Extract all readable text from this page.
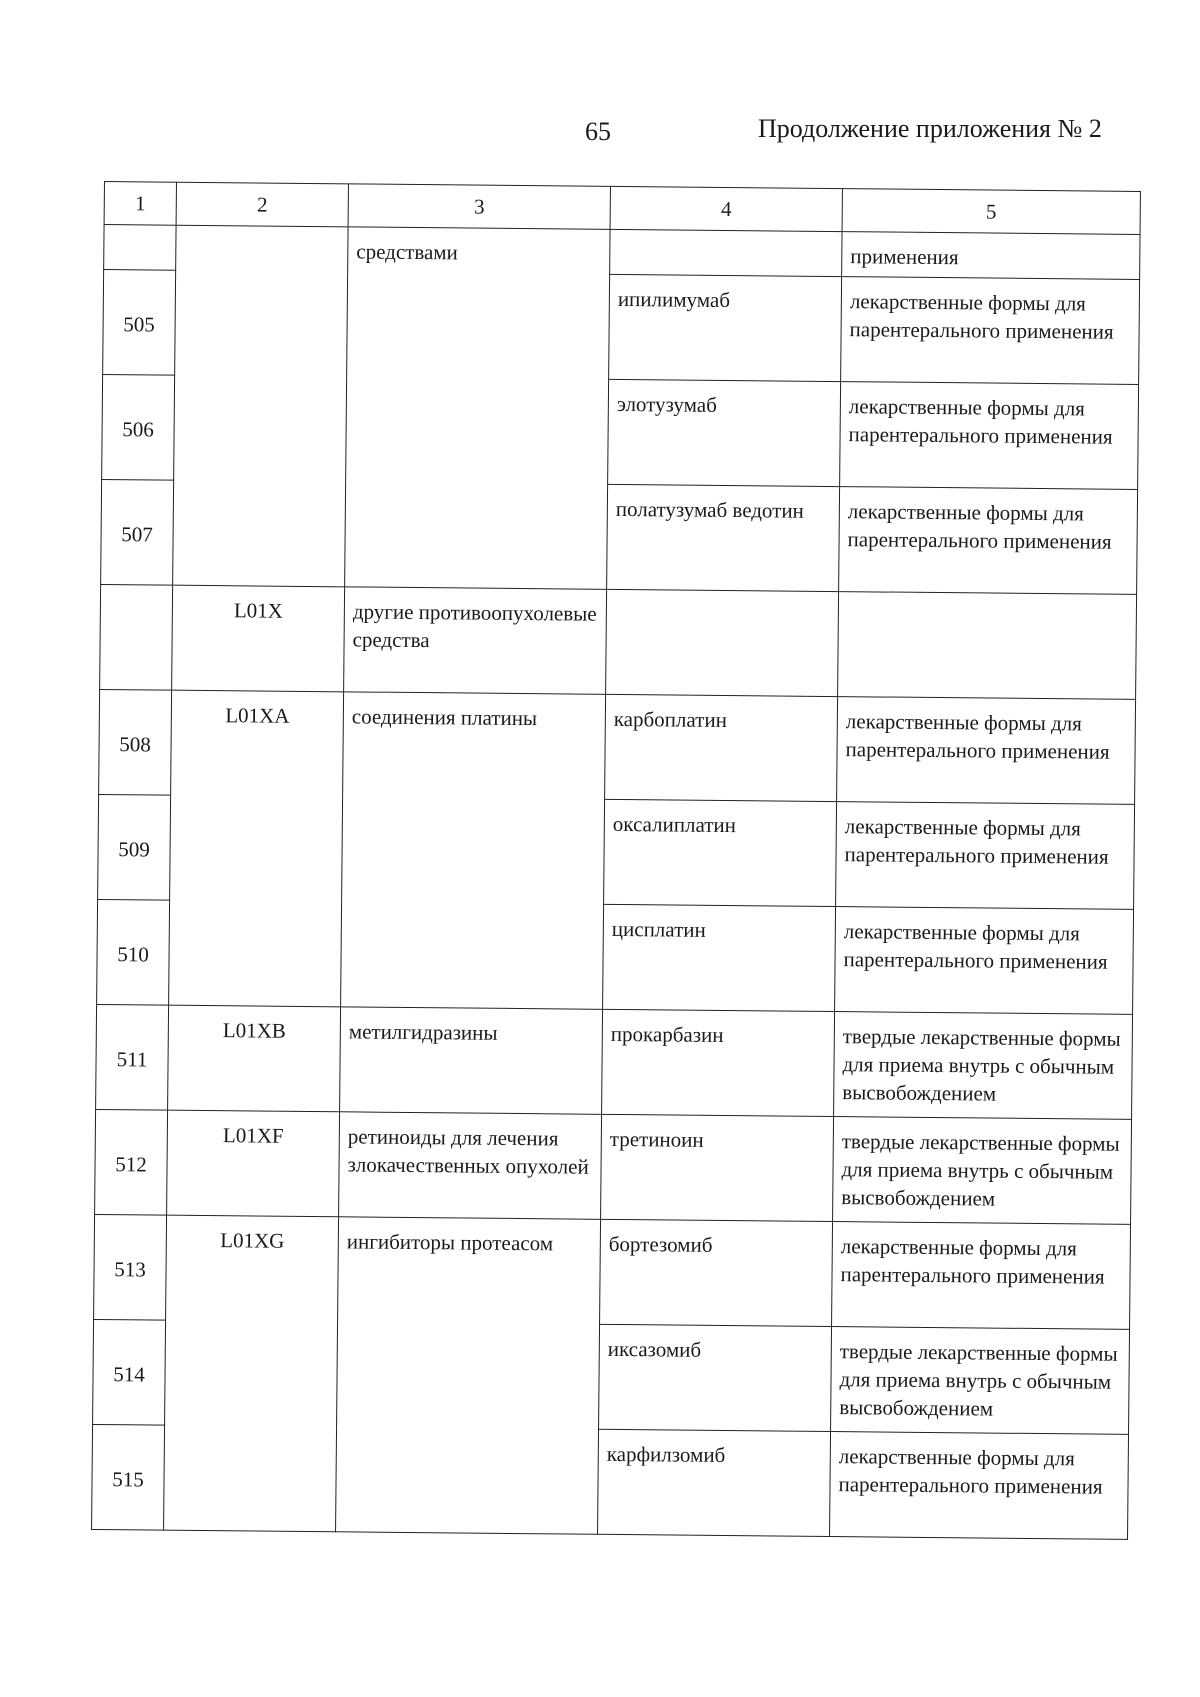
65	Продолжение приложения № 2
1	2	3	4	5
		средствами		применения
505			ипилимумаб	лекарственные формы для парентерального применения
506			элотузумаб	лекарственные формы для парентерального применения
507			полатузумаб ведотин	лекарственные формы для парентерального применения
	L01X	другие противоопухолевые средства		
508	L01XA	соединения платины	карбоплатин	лекарственные формы для парентерального применения
509			оксалиплатин	лекарственные формы для парентерального применения
510			цисплатин	лекарственные формы для парентерального применения
511	L01XB	метилгидразины	прокарбазин	твердые лекарственные формы для приема внутрь с обычным высвобождением
512	L01XF	ретиноиды для лечения злокачественных опухолей	третиноин	твердые лекарственные формы для приема внутрь с обычным высвобождением
513	L01XG	ингибиторы протеасом	бортезомиб	лекарственные формы для парентерального применения
514			иксазомиб	твердые лекарственные формы для приема внутрь с обычным высвобождением
515			карфилзомиб	лекарственные формы для парентерального применения
